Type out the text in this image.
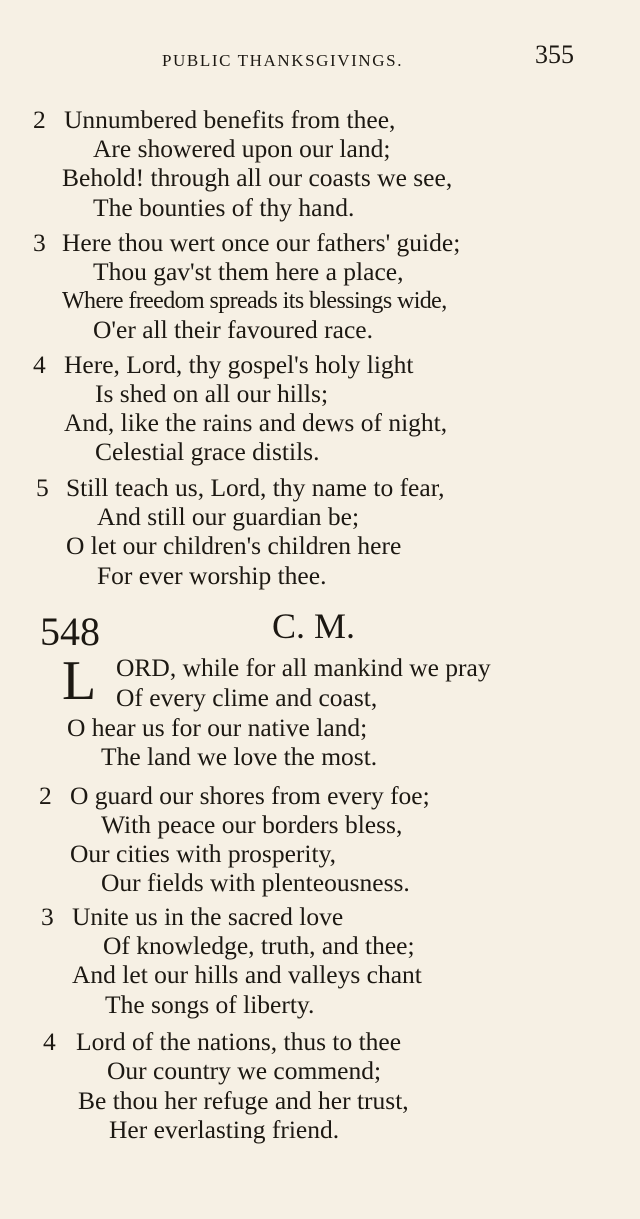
PUBLIC THANKSGIVINGS.	355
2 Unnumbered benefits from thee,
Are showered upon our land;
Behold! through all our coasts we see,
The bounties of thy hand.
3 Here thou wert once our fathers' guide;
Thou gav'st them here a place,
Where freedom spreads its blessings wide,
O'er all their favoured race.
4 Here, Lord, thy gospel's holy light
Is shed on all our hills;
And, like the rains and dews of night,
Celestial grace distils.
5 Still teach us, Lord, thy name to fear,
And still our guardian be;
O let our children's children here
For ever worship thee.
548	C. M.
L ORD, while for all mankind we pray
Of every clime and coast,
O hear us for our native land;
The land we love the most.
2 O guard our shores from every foe;
With peace our borders bless,
Our cities with prosperity,
Our fields with plenteousness.
3 Unite us in the sacred love
Of knowledge, truth, and thee;
And let our hills and valleys chant
The songs of liberty.
4 Lord of the nations, thus to thee
Our country we commend;
Be thou her refuge and her trust,
Her everlasting friend.
